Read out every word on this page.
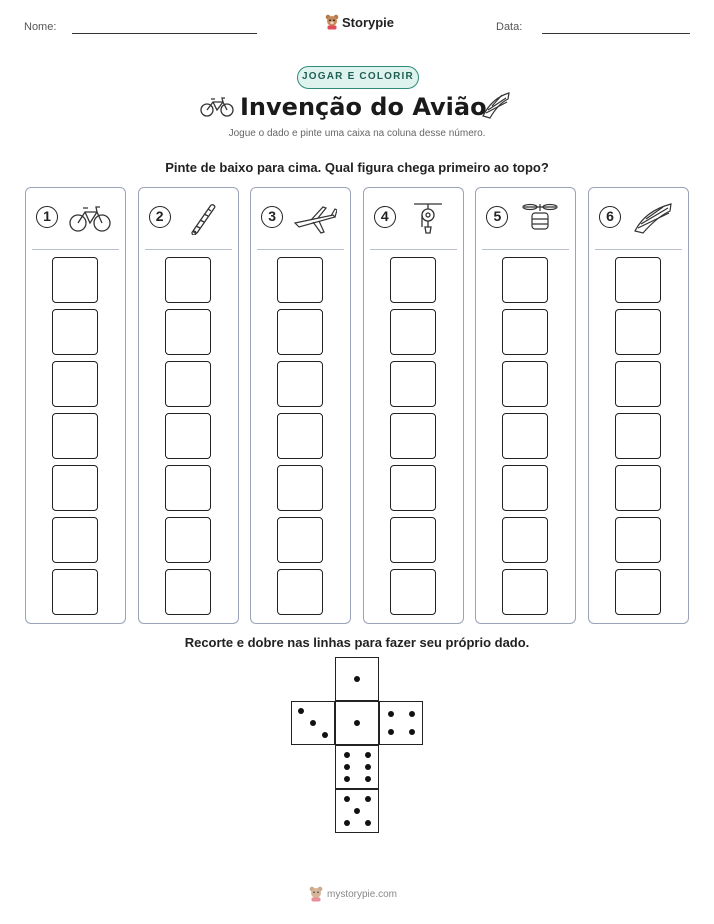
Nome:	Storypie	Data:
JOGAR E COLORIR
Invenção do Avião
Jogue o dado e pinte uma caixa na coluna desse número.
Pinte de baixo para cima. Qual figura chega primeiro ao topo?
1	2	3	4	5	6
Recorte e dobre nas linhas para fazer seu próprio dado.
mystorypie.com
